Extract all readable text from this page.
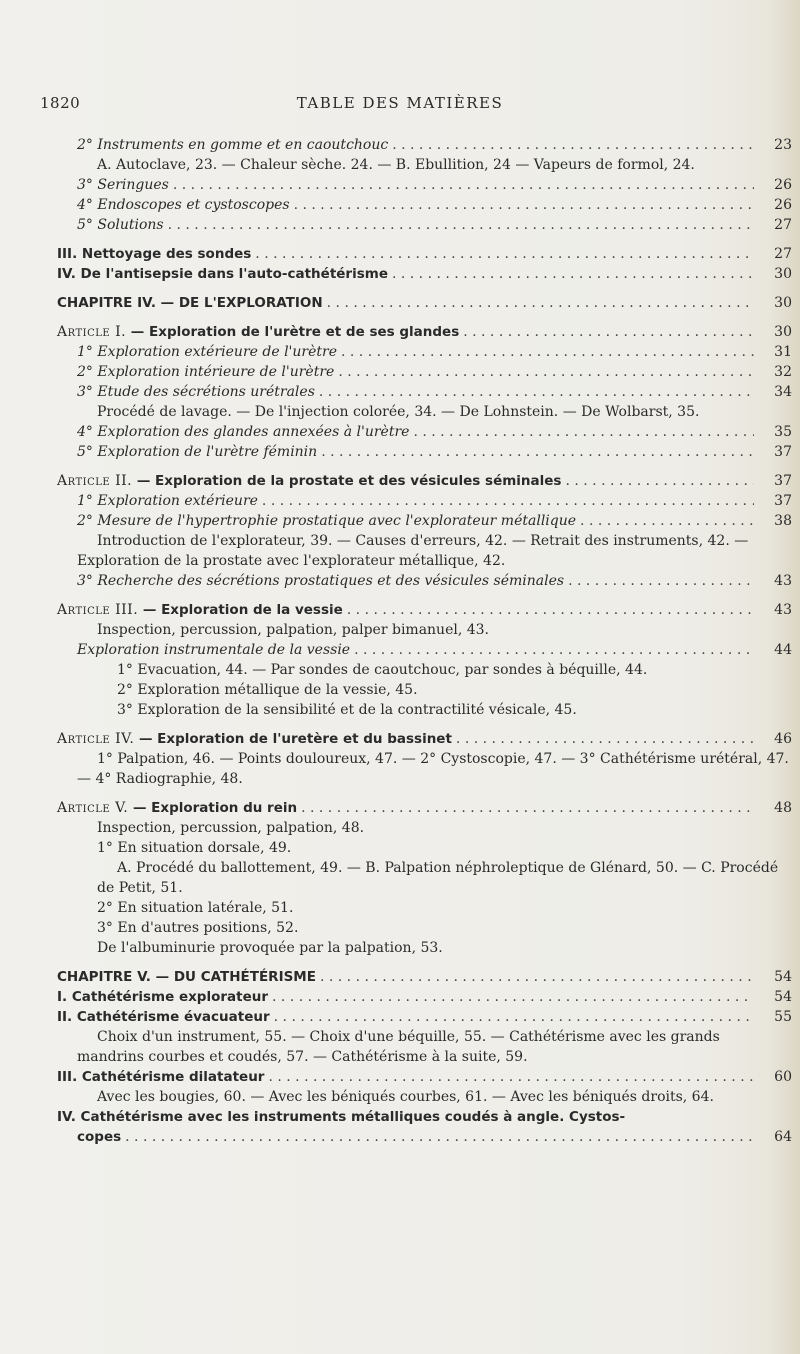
1820	TABLE DES MATIÈRES
2° Instruments en gomme et en caoutchouc . . .	23
A. Autoclave, 23. — Chaleur sèche. 24. — B. Ebullition, 24 — Vapeurs de formol, 24.
3° Seringues . . .	26
4° Endoscopes et cystoscopes . . .	26
5° Solutions . . .	27
III. Nettoyage des sondes . . .	27
IV. De l'antisepsie dans l'auto-cathétérisme . . .	30
CHAPITRE IV. — DE L'EXPLORATION . . .	30
Article I. — Exploration de l'urètre et de ses glandes . . .	30
1° Exploration extérieure de l'urètre . . .	31
2° Exploration intérieure de l'urètre . . .	32
3° Etude des sécrétions urétrales . . .	34
Procédé de lavage. — De l'injection colorée, 34. — De Lohnstein. — De Wolbarst, 35.
4° Exploration des glandes annexées à l'urètre . . .	35
5° Exploration de l'urètre féminin . . .	37
Article II. — Exploration de la prostate et des vésicules séminales . . .	37
1° Exploration extérieure . . .	37
2° Mesure de l'hypertrophie prostatique avec l'explorateur métallique . . .	38
Introduction de l'explorateur, 39. — Causes d'erreurs, 42. — Retrait des instruments, 42. — Exploration de la prostate avec l'explorateur métallique, 42.
3° Recherche des sécrétions prostatiques et des vésicules séminales . . .	43
Article III. — Exploration de la vessie . . .	43
Inspection, percussion, palpation, palper bimanuel, 43.
Exploration instrumentale de la vessie . . .	44
1° Evacuation, 44. — Par sondes de caoutchouc, par sondes à béquille, 44.
2° Exploration métallique de la vessie, 45.
3° Exploration de la sensibilité et de la contractilité vésicale, 45.
Article IV. — Exploration de l'uretère et du bassinet . . .	46
1° Palpation, 46. — Points douloureux, 47. — 2° Cystoscopie, 47. — 3° Cathétérisme urétéral, 47. — 4° Radiographie, 48.
Article V. — Exploration du rein . . .	48
Inspection, percussion, palpation, 48.
1° En situation dorsale, 49.
A. Procédé du ballottement, 49. — B. Palpation néphroleptique de Glénard, 50. — C. Procédé de Petit, 51.
2° En situation latérale, 51.
3° En d'autres positions, 52.
De l'albuminurie provoquée par la palpation, 53.
CHAPITRE V. — DU CATHÉTÉRISME . . .	54
I. Cathétérisme explorateur . . .	54
II. Cathétérisme évacuateur . . .	55
Choix d'un instrument, 55. — Choix d'une béquille, 55. — Cathétérisme avec les grands mandrins courbes et coudés, 57. — Cathétérisme à la suite, 59.
III. Cathétérisme dilatateur . . .	60
Avec les bougies, 60. — Avec les béniqués courbes, 61. — Avec les béniqués droits, 64.
IV. Cathétérisme avec les instruments métalliques coudés à angle. Cystos-
copes . . .	64
